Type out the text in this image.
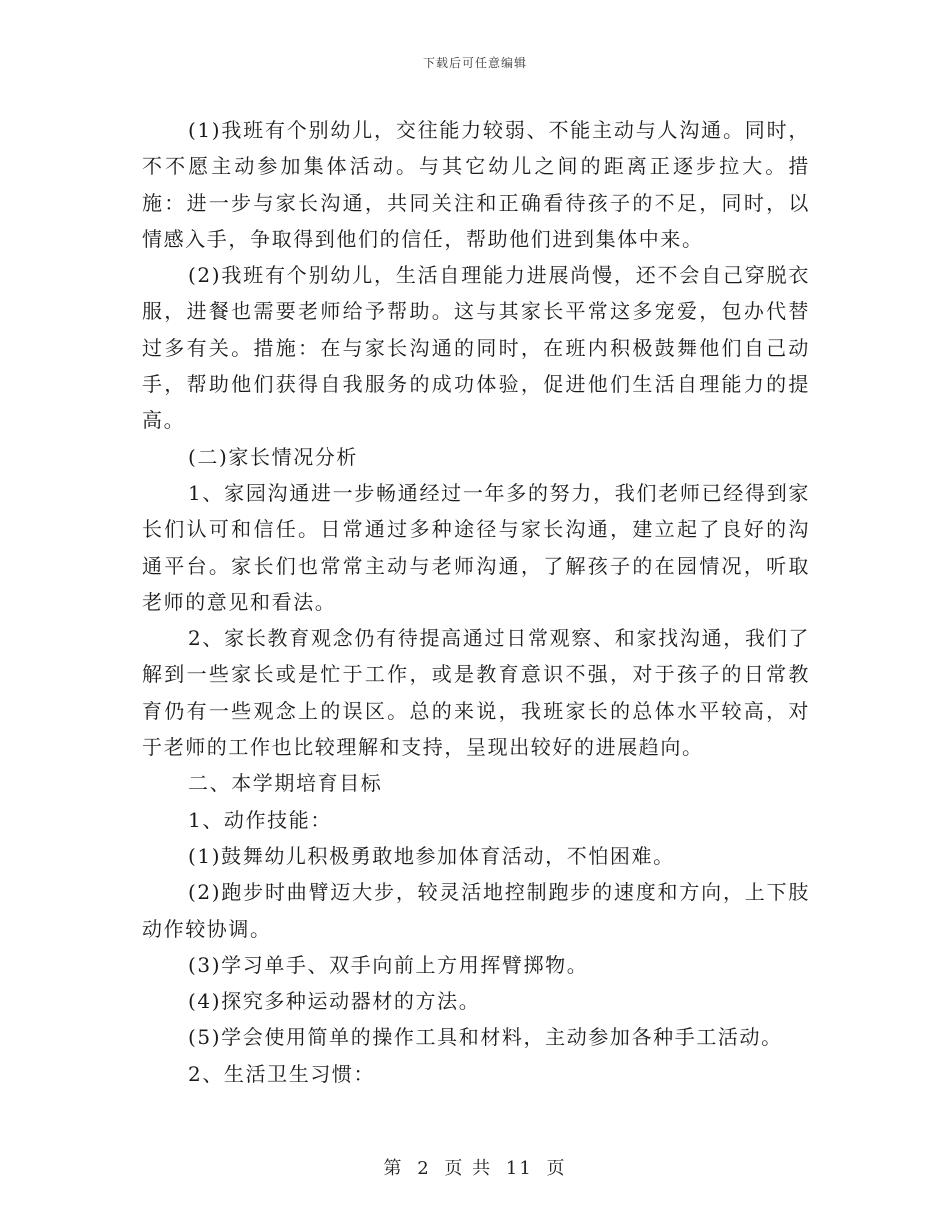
下载后可任意编辑

(1)我班有个别幼儿，交往能力较弱、不能主动与人沟通。同时，不不愿主动参加集体活动。与其它幼儿之间的距离正逐步拉大。措施：进一步与家长沟通，共同关注和正确看待孩子的不足，同时，以情感入手，争取得到他们的信任，帮助他们进到集体中来。

(2)我班有个别幼儿，生活自理能力进展尚慢，还不会自己穿脱衣服，进餐也需要老师给予帮助。这与其家长平常这多宠爱，包办代替过多有关。措施：在与家长沟通的同时，在班内积极鼓舞他们自己动手，帮助他们获得自我服务的成功体验，促进他们生活自理能力的提高。

(二)家长情况分析

1、家园沟通进一步畅通经过一年多的努力，我们老师已经得到家长们认可和信任。日常通过多种途径与家长沟通，建立起了良好的沟通平台。家长们也常常主动与老师沟通，了解孩子的在园情况，听取老师的意见和看法。

2、家长教育观念仍有待提高通过日常观察、和家找沟通，我们了解到一些家长或是忙于工作，或是教育意识不强，对于孩子的日常教育仍有一些观念上的误区。总的来说，我班家长的总体水平较高，对于老师的工作也比较理解和支持，呈现出较好的进展趋向。

二、本学期培育目标

1、动作技能：

(1)鼓舞幼儿积极勇敢地参加体育活动，不怕困难。

(2)跑步时曲臂迈大步，较灵活地控制跑步的速度和方向，上下肢动作较协调。

(3)学习单手、双手向前上方用挥臂掷物。

(4)探究多种运动器材的方法。

(5)学会使用简单的操作工具和材料，主动参加各种手工活动。

2、生活卫生习惯：

第 2 页 共 11 页
